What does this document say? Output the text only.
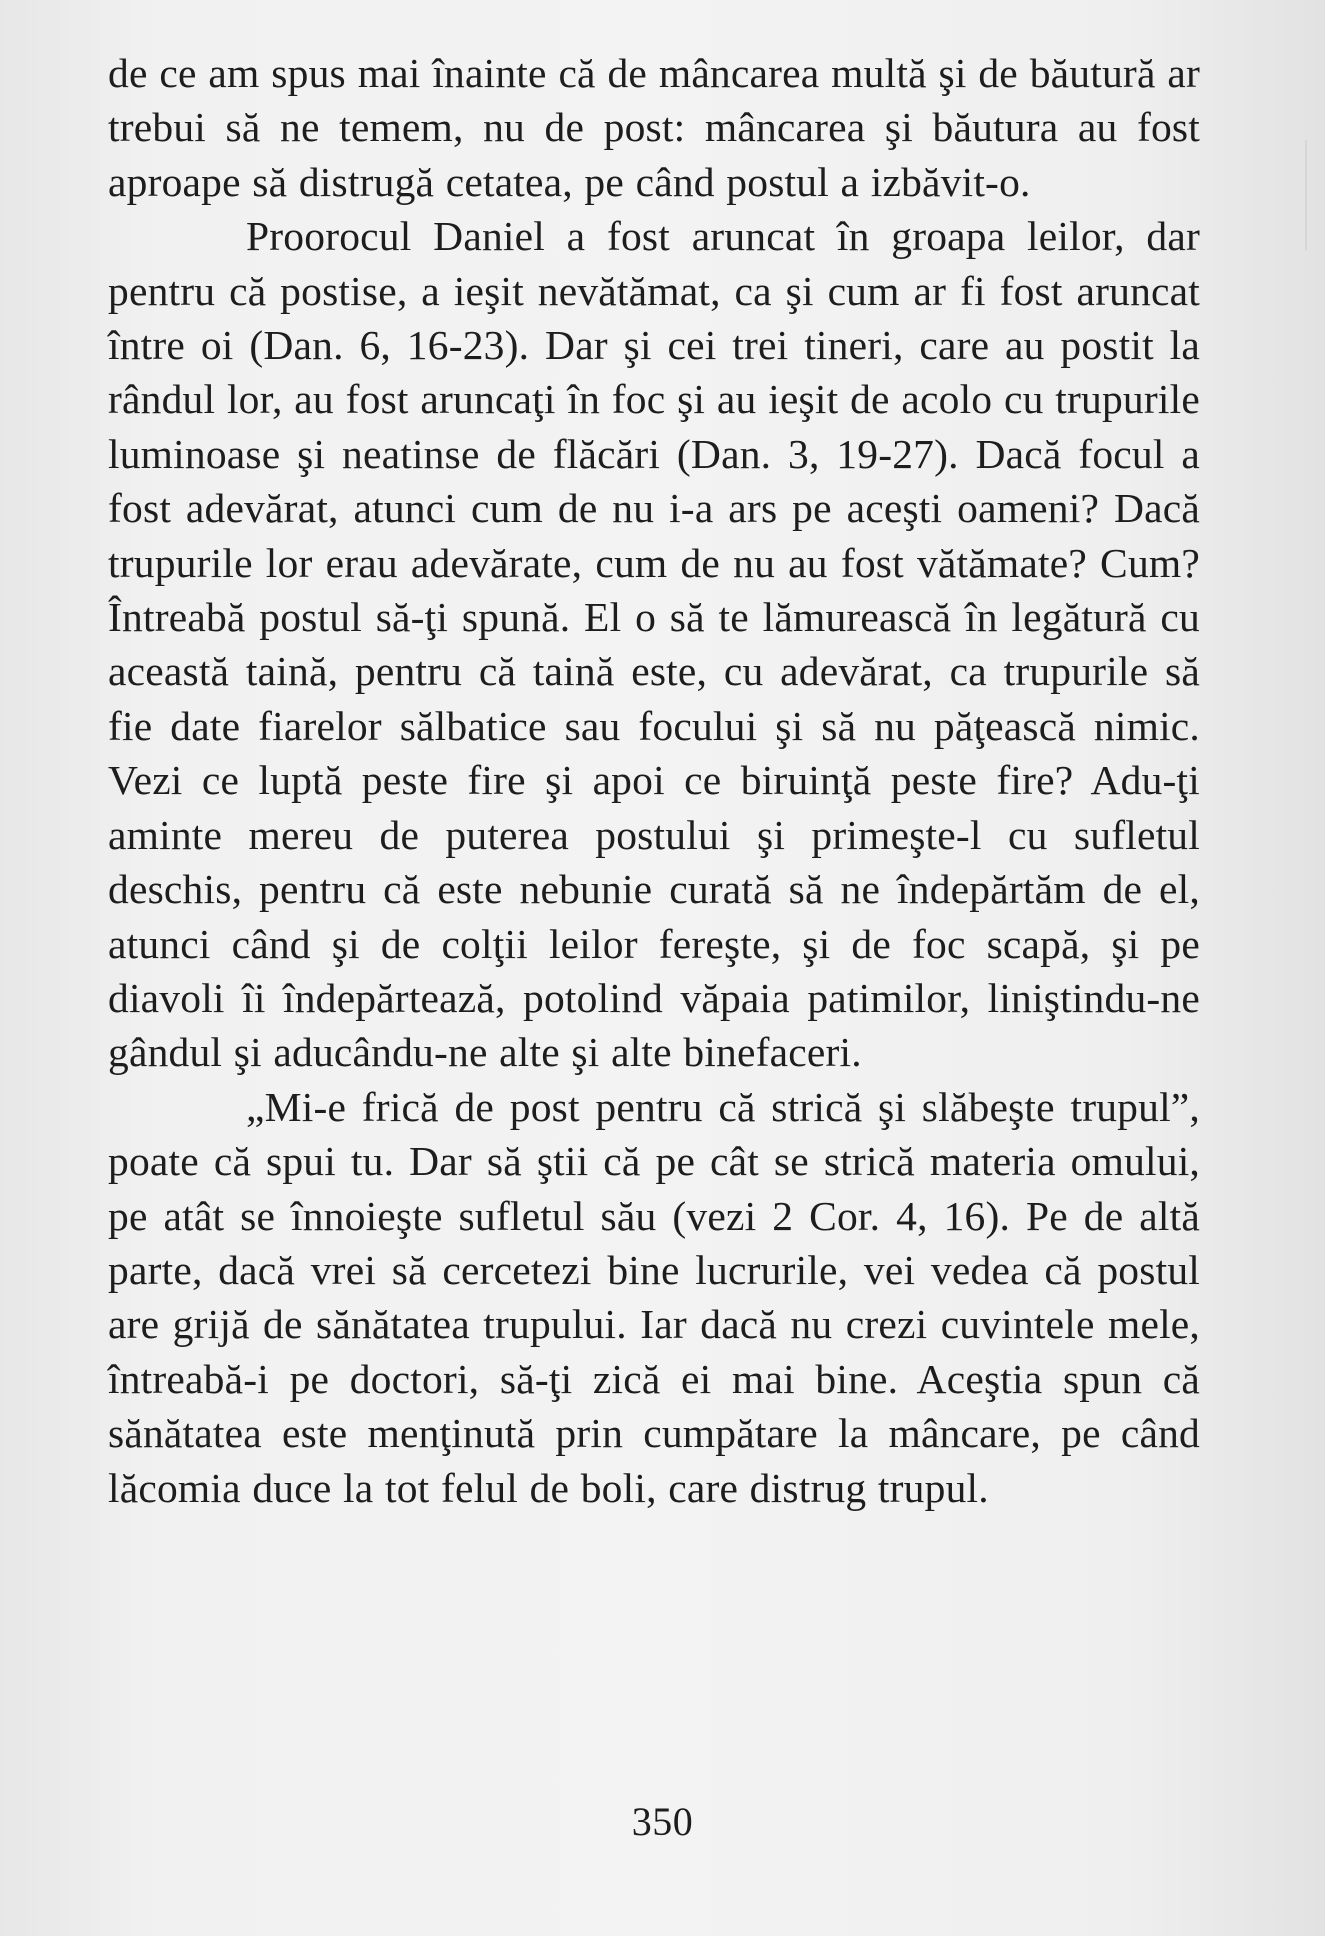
de ce am spus mai înainte că de mâncarea multă şi de băutură ar trebui să ne temem, nu de post: mâncarea şi băutura au fost aproape să distrugă cetatea, pe când postul a izbăvit-o.

Proorocul Daniel a fost aruncat în groapa leilor, dar pentru că postise, a ieşit nevătămat, ca şi cum ar fi fost aruncat între oi (Dan. 6, 16-23). Dar şi cei trei tineri, care au postit la rândul lor, au fost aruncaţi în foc şi au ieşit de acolo cu trupurile luminoase şi neatinse de flăcări (Dan. 3, 19-27). Dacă focul a fost adevărat, atunci cum de nu i-a ars pe aceşti oameni? Dacă trupurile lor erau adevărate, cum de nu au fost vătămate? Cum? Întreabă postul să-ţi spună. El o să te lămurească în legătură cu această taină, pentru că taină este, cu adevărat, ca trupurile să fie date fiarelor sălbatice sau focului şi să nu păţească nimic. Vezi ce luptă peste fire şi apoi ce biruinţă peste fire? Adu-ţi aminte mereu de puterea postului şi primeşte-l cu sufletul deschis, pentru că este nebunie curată să ne îndepărtăm de el, atunci când şi de colţii leilor fereşte, şi de foc scapă, şi pe diavoli îi îndepărtează, potolind văpaia patimilor, liniştindu-ne gândul şi aducându-ne alte şi alte binefaceri.

„Mi-e frică de post pentru că strică şi slăbeşte trupul”, poate că spui tu. Dar să ştii că pe cât se strică materia omului, pe atât se înnoieşte sufletul său (vezi 2 Cor. 4, 16). Pe de altă parte, dacă vrei să cercetezi bine lucrurile, vei vedea că postul are grijă de sănătatea trupului. Iar dacă nu crezi cuvintele mele, întreabă-i pe doctori, să-ţi zică ei mai bine. Aceştia spun că sănătatea este menţinută prin cumpătare la mâncare, pe când lăcomia duce la tot felul de boli, care distrug trupul.

350
